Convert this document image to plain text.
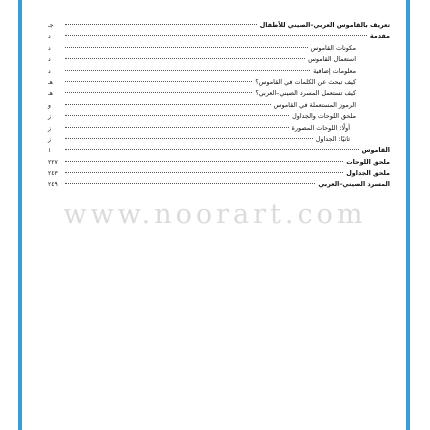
تعريف بالقاموس العربي–الصيني للأطفال
جـ
مقدمة
د
مكونات القاموس
د
استعمال القاموس
د
معلومات إضافية
د
كيف تبحث عن الكلمات في القاموس؟
هـ
كيف تستعمل المسرد الصيني–العربي؟
هـ
الرموز المستعملة في القاموس
و
ملحق اللوحات والجداول
ز
أولًا: اللوحات المصورة
ز
ثانيًا: الجداول
ز
القاموس
١
ملحق اللوحات
٢٢٧
ملحق الجداول
٢٤٣
المسرد الصيني–العربي
٢٤٩
www.noorart.com
